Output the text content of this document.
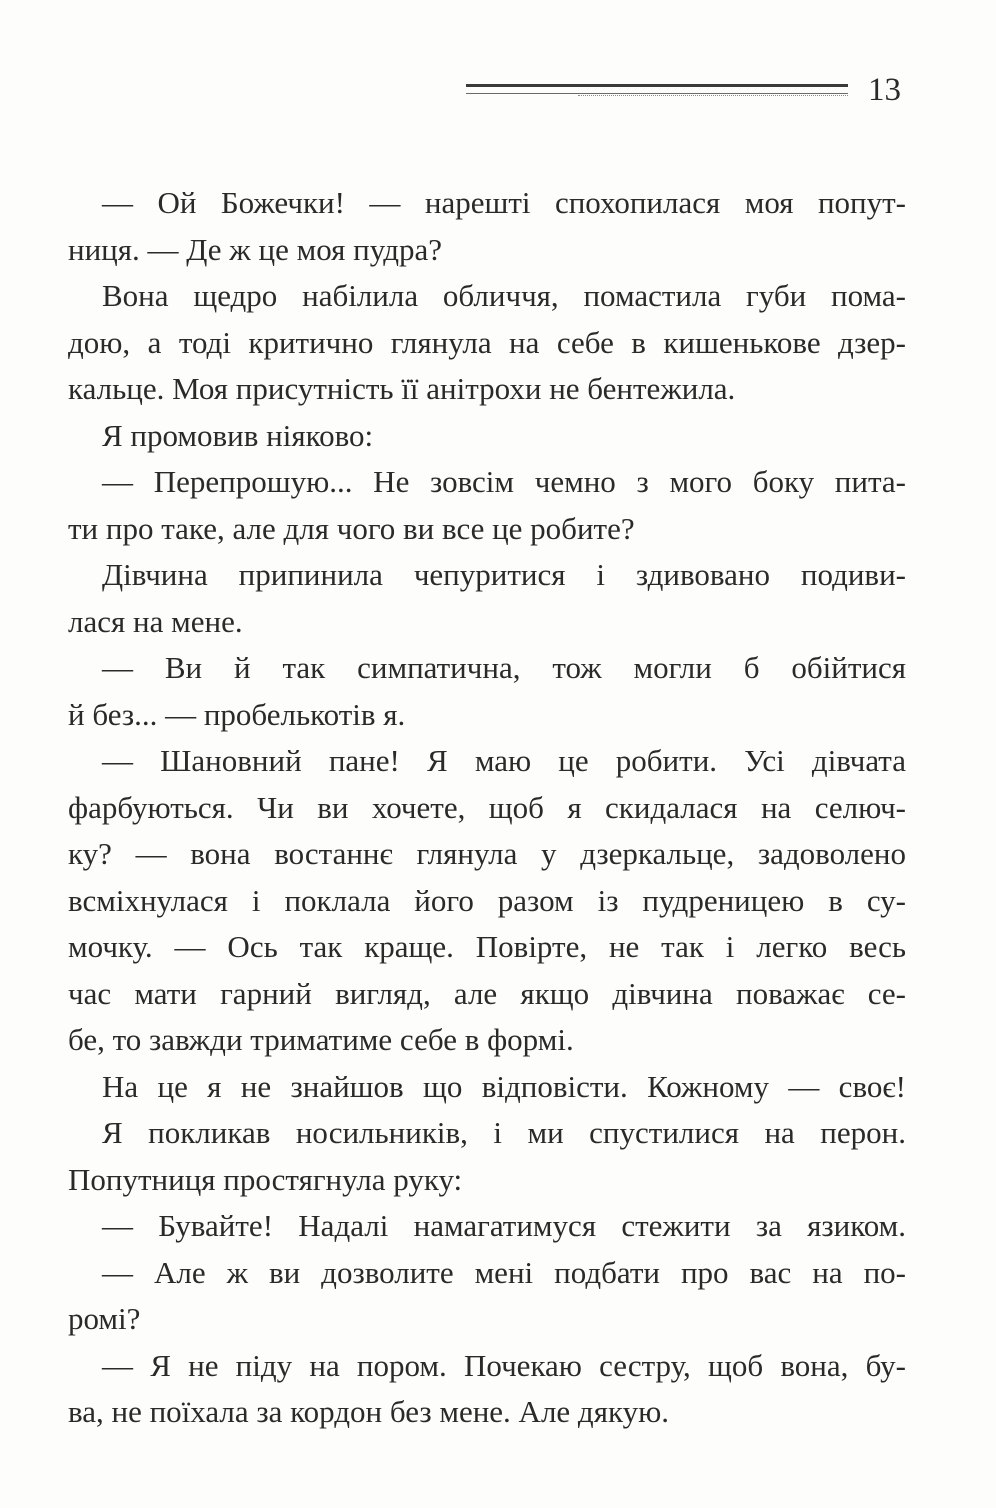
13
— Ой Божечки! — нарешті спохопилася моя попут-
ниця. — Де ж це моя пудра?
Вона щедро набілила обличчя, помастила губи пома-
дою, а тоді критично глянула на себе в кишенькове дзер-
кальце. Моя присутність її анітрохи не бентежила.
Я промовив ніяково:
— Перепрошую... Не зовсім чемно з мого боку пита-
ти про таке, але для чого ви все це робите?
Дівчина припинила чепуритися і здивовано подиви-
лася на мене.
— Ви й так симпатична, тож могли б обійтися
й без... — пробелькотів я.
— Шановний пане! Я маю це робити. Усі дівчата
фарбуються. Чи ви хочете, щоб я скидалася на селюч-
ку? — вона востаннє глянула у дзеркальце, задоволено
всміхнулася і поклала його разом із пудреницею в су-
мочку. — Ось так краще. Повірте, не так і легко весь
час мати гарний вигляд, але якщо дівчина поважає се-
бе, то завжди триматиме себе в формі.
На це я не знайшов що відповісти. Кожному — своє!
Я покликав носильників, і ми спустилися на перон.
Попутниця простягнула руку:
— Бувайте! Надалі намагатимуся стежити за язиком.
— Але ж ви дозволите мені подбати про вас на по-
ромі?
— Я не піду на пором. Почекаю сестру, щоб вона, бу-
ва, не поїхала за кордон без мене. Але дякую.
